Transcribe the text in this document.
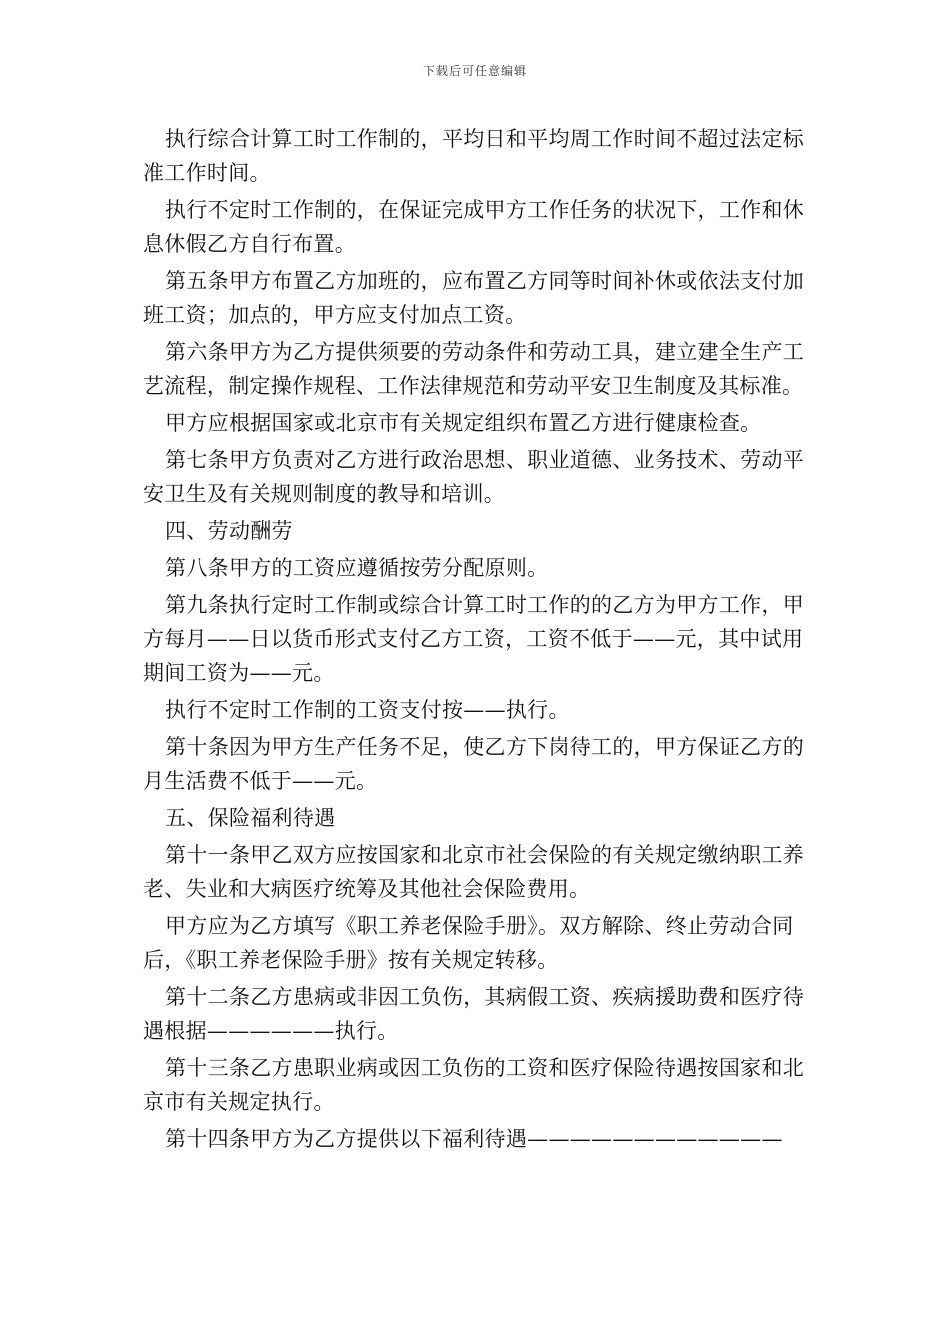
下载后可任意编辑

执行综合计算工时工作制的，平均日和平均周工作时间不超过法定标准工作时间。

执行不定时工作制的，在保证完成甲方工作任务的状况下，工作和休息休假乙方自行布置。

第五条甲方布置乙方加班的，应布置乙方同等时间补休或依法支付加班工资；加点的，甲方应支付加点工资。

第六条甲方为乙方提供须要的劳动条件和劳动工具，建立建全生产工艺流程，制定操作规程、工作法律规范和劳动平安卫生制度及其标准。

甲方应根据国家或北京市有关规定组织布置乙方进行健康检查。

第七条甲方负责对乙方进行政治思想、职业道德、业务技术、劳动平安卫生及有关规则制度的教导和培训。

四、劳动酬劳

第八条甲方的工资应遵循按劳分配原则。

第九条执行定时工作制或综合计算工时工作的的乙方为甲方工作，甲方每月——日以货币形式支付乙方工资，工资不低于——元，其中试用期间工资为——元。

执行不定时工作制的工资支付按——执行。

第十条因为甲方生产任务不足，使乙方下岗待工的，甲方保证乙方的月生活费不低于——元。

五、保险福利待遇

第十一条甲乙双方应按国家和北京市社会保险的有关规定缴纳职工养老、失业和大病医疗统筹及其他社会保险费用。

甲方应为乙方填写《职工养老保险手册》。双方解除、终止劳动合同后，《职工养老保险手册》按有关规定转移。

第十二条乙方患病或非因工负伤，其病假工资、疾病援助费和医疗待遇根据——————执行。

第十三条乙方患职业病或因工负伤的工资和医疗保险待遇按国家和北京市有关规定执行。

第十四条甲方为乙方提供以下福利待遇————————————
